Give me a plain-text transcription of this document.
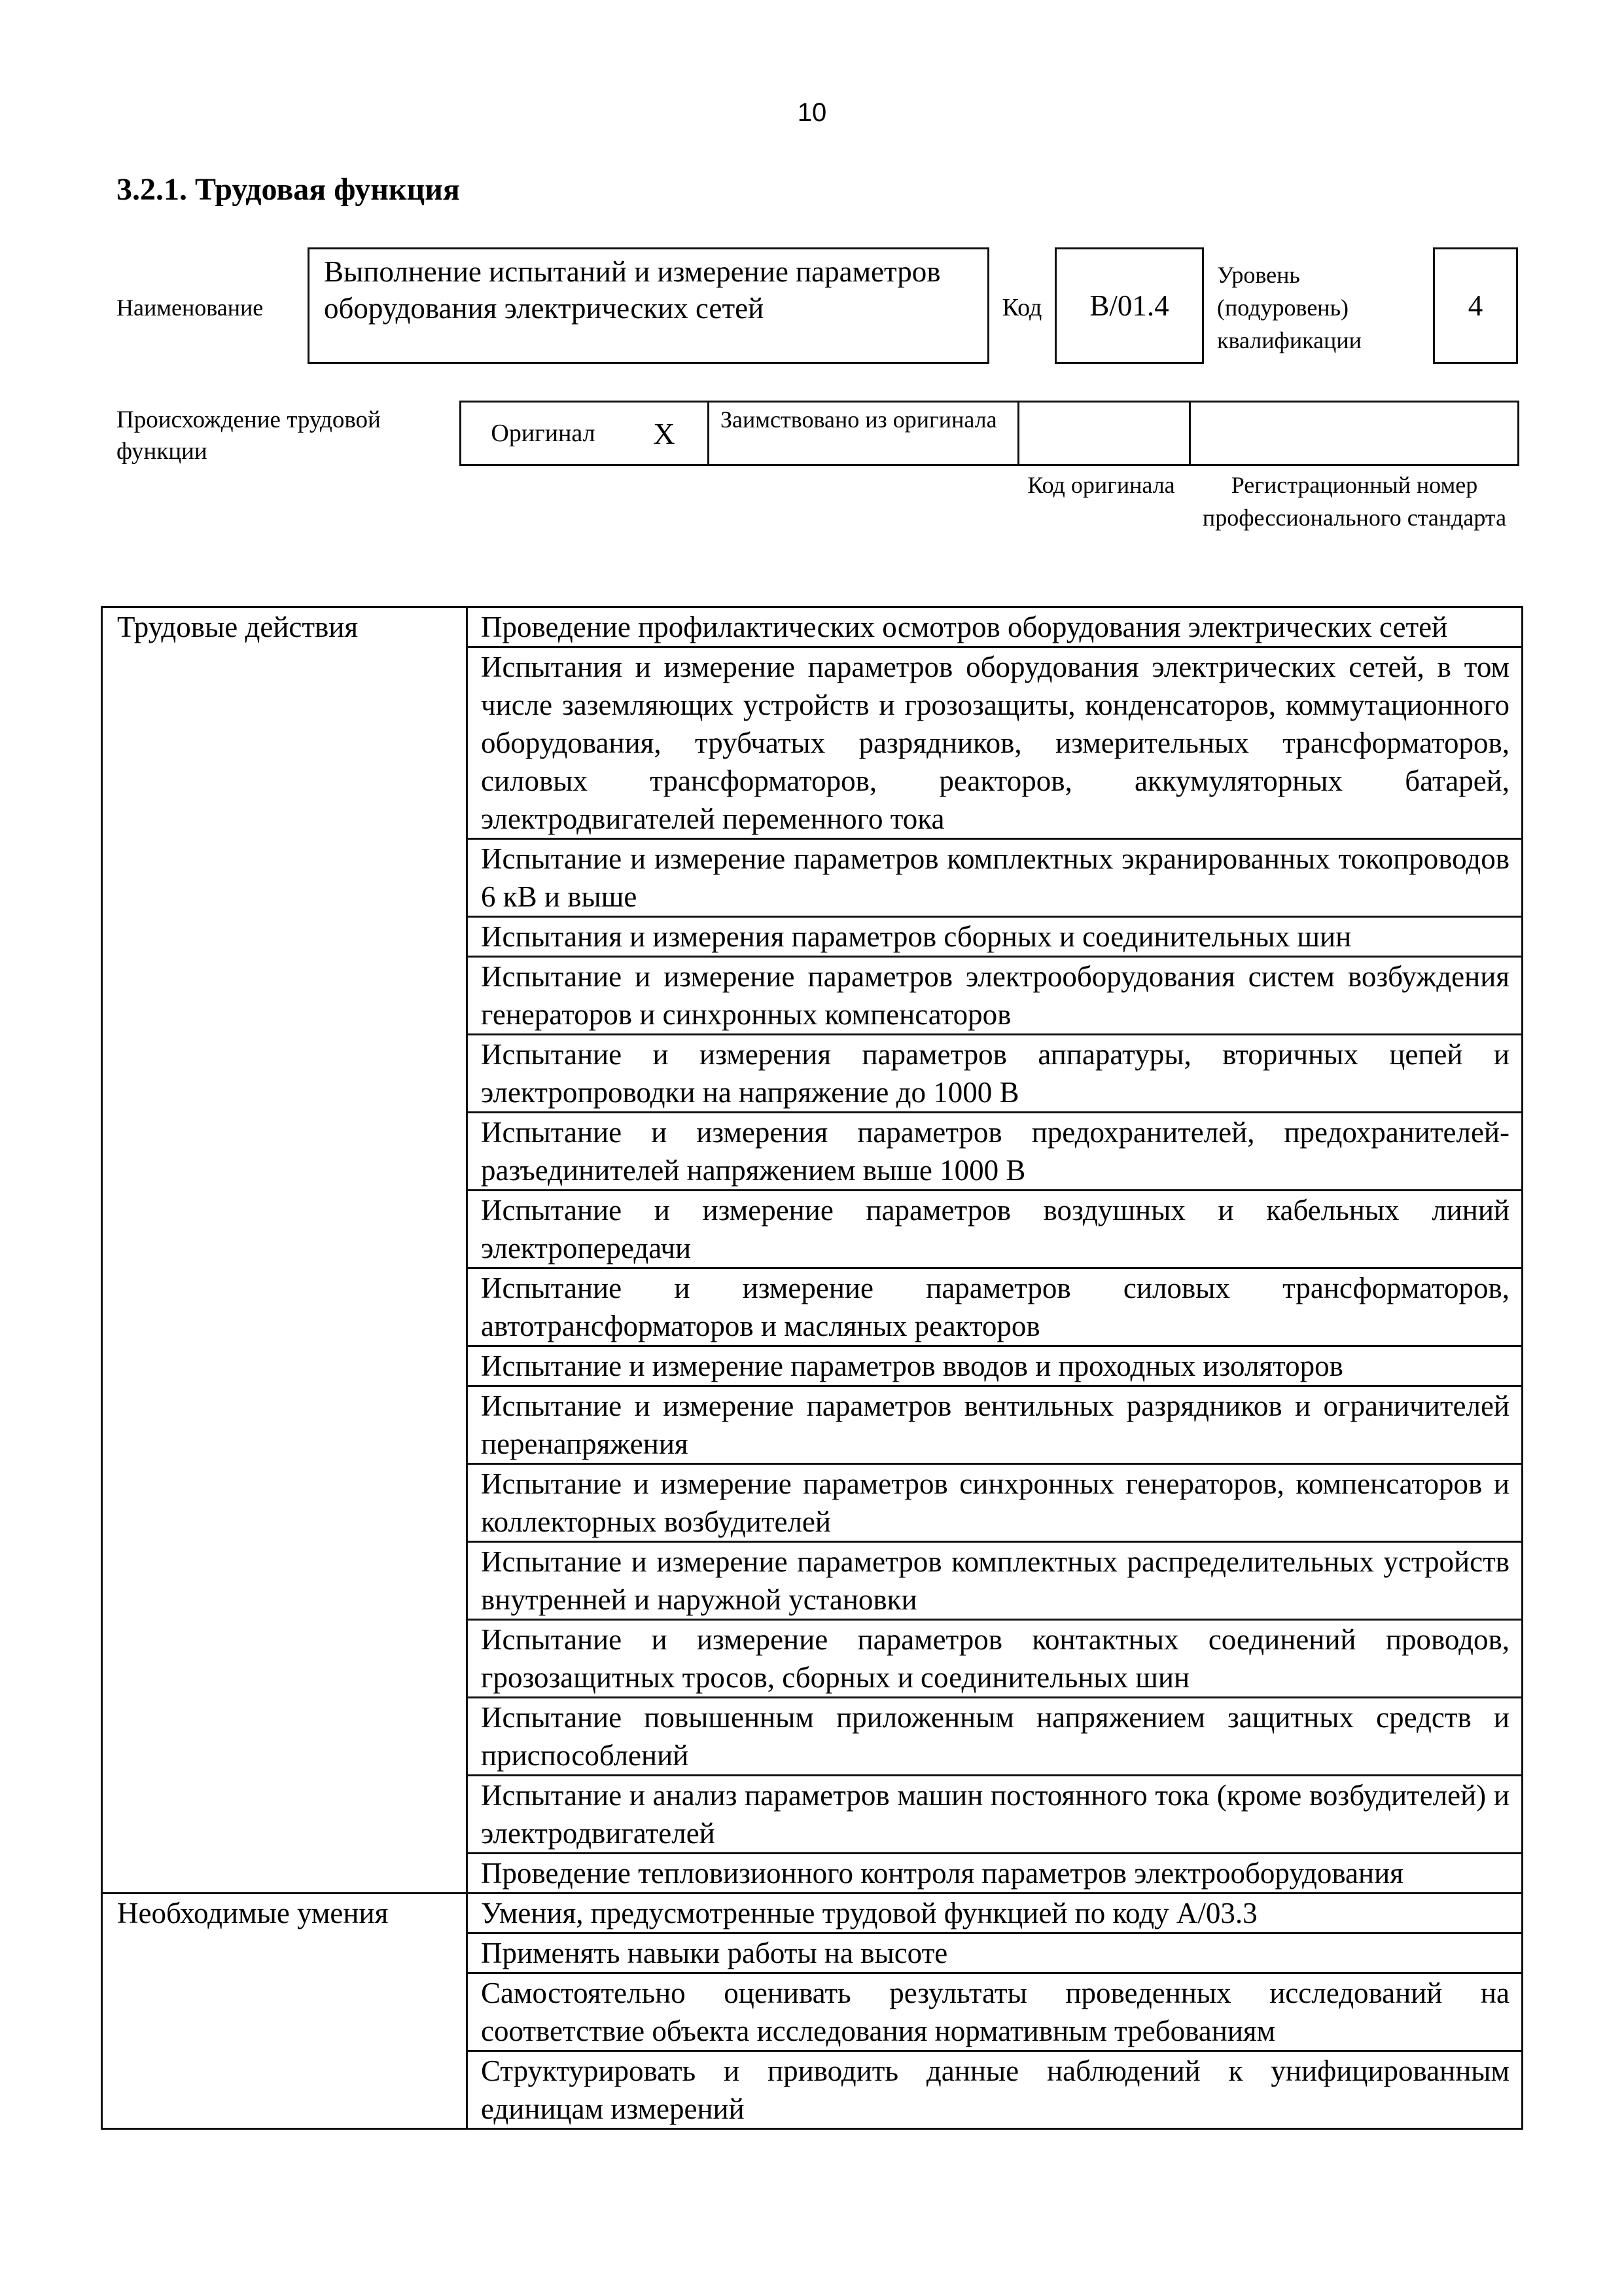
10
3.2.1. Трудовая функция
Наименование
Выполнение испытаний и измерение параметров оборудования электрических сетей	Код	B/01.4
Уровень (подуровень) квалификации
4
Происхождение трудовой функции
Оригинал	X	Заимствовано из оригинала
Код оригинала	Регистрационный номер профессионального стандарта
Трудовые действия	Проведение профилактических осмотров оборудования электрических сетей
	Испытания и измерение параметров оборудования электрических сетей, в том числе заземляющих устройств и грозозащиты, конденсаторов, коммутационного оборудования, трубчатых разрядников, измерительных трансформаторов, силовых трансформаторов, реакторов, аккумуляторных батарей, электродвигателей переменного тока
	Испытание и измерение параметров комплектных экранированных токопроводов 6 кВ и выше
	Испытания и измерения параметров сборных и соединительных шин
	Испытание и измерение параметров электрооборудования систем возбуждения генераторов и синхронных компенсаторов
	Испытание и измерения параметров аппаратуры, вторичных цепей и электропроводки на напряжение до 1000 В
	Испытание и измерения параметров предохранителей, предохранителей-разъединителей напряжением выше 1000 В
	Испытание и измерение параметров воздушных и кабельных линий электропередачи
	Испытание и измерение параметров силовых трансформаторов, автотрансформаторов и масляных реакторов
	Испытание и измерение параметров вводов и проходных изоляторов
	Испытание и измерение параметров вентильных разрядников и ограничителей перенапряжения
	Испытание и измерение параметров синхронных генераторов, компенсаторов и коллекторных возбудителей
	Испытание и измерение параметров комплектных распределительных устройств внутренней и наружной установки
	Испытание и измерение параметров контактных соединений проводов, грозозащитных тросов, сборных и соединительных шин
	Испытание повышенным приложенным напряжением защитных средств и приспособлений
	Испытание и анализ параметров машин постоянного тока (кроме возбудителей) и электродвигателей
	Проведение тепловизионного контроля параметров электрооборудования
Необходимые умения	Умения, предусмотренные трудовой функцией по коду A/03.3
	Применять навыки работы на высоте
	Самостоятельно оценивать результаты проведенных исследований на соответствие объекта исследования нормативным требованиям
	Структурировать и приводить данные наблюдений к унифицированным единицам измерений
